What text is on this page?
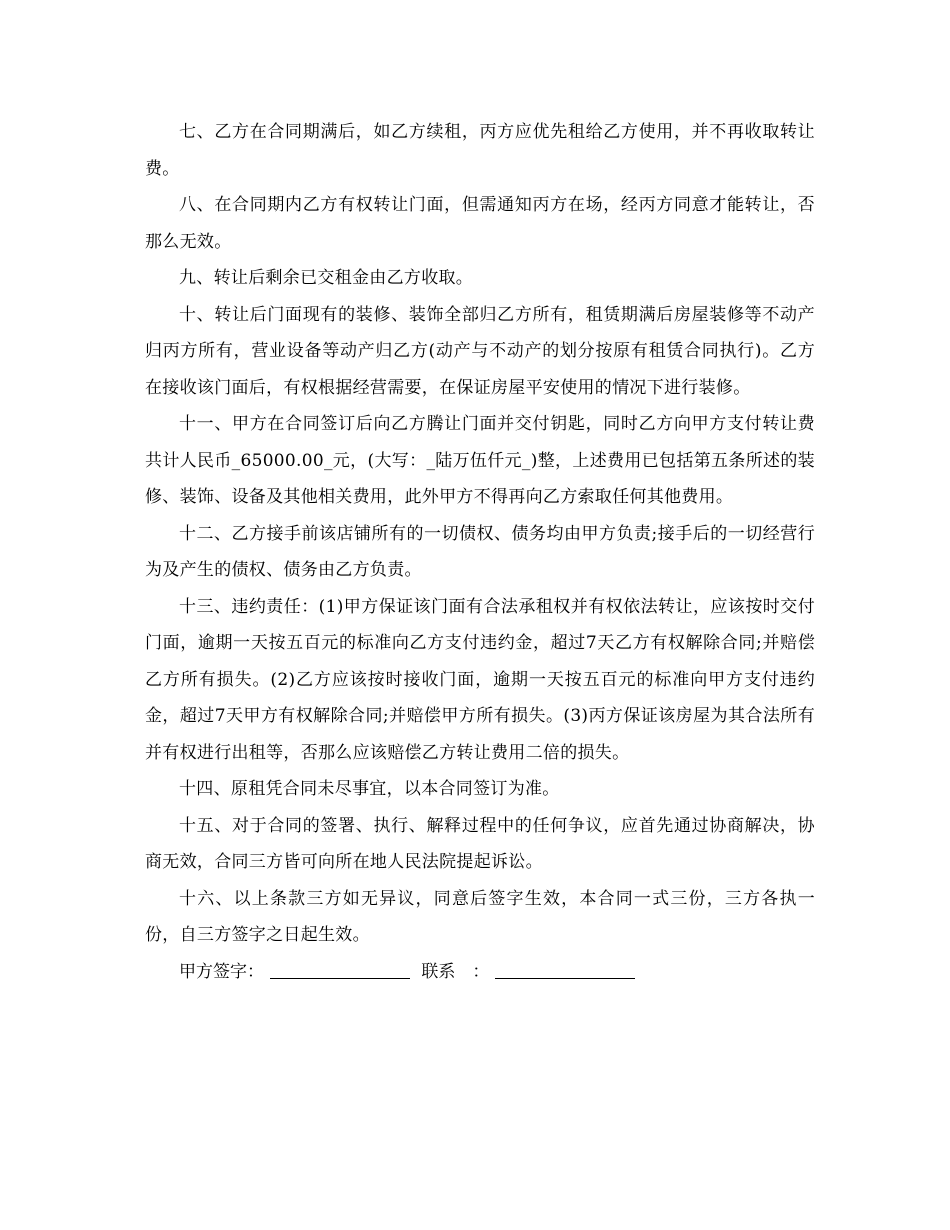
七、乙方在合同期满后，如乙方续租，丙方应优先租给乙方使用，并不再收取转让费。

八、在合同期内乙方有权转让门面，但需通知丙方在场，经丙方同意才能转让，否那么无效。

九、转让后剩余已交租金由乙方收取。

十、转让后门面现有的装修、装饰全部归乙方所有，租赁期满后房屋装修等不动产归丙方所有，营业设备等动产归乙方(动产与不动产的划分按原有租赁合同执行)。乙方在接收该门面后，有权根据经营需要，在保证房屋平安使用的情况下进行装修。

十一、甲方在合同签订后向乙方腾让门面并交付钥匙，同时乙方向甲方支付转让费共计人民币_65000.00_元，(大写：_陆万伍仟元_)整，上述费用已包括第五条所述的装修、装饰、设备及其他相关费用，此外甲方不得再向乙方索取任何其他费用。

十二、乙方接手前该店铺所有的一切债权、债务均由甲方负责;接手后的一切经营行为及产生的债权、债务由乙方负责。

十三、违约责任：(1)甲方保证该门面有合法承租权并有权依法转让，应该按时交付门面，逾期一天按五百元的标准向乙方支付违约金，超过7天乙方有权解除合同;并赔偿乙方所有损失。(2)乙方应该按时接收门面，逾期一天按五百元的标准向甲方支付违约金，超过7天甲方有权解除合同;并赔偿甲方所有损失。(3)丙方保证该房屋为其合法所有并有权进行出租等，否那么应该赔偿乙方转让费用二倍的损失。

十四、原租凭合同未尽事宜，以本合同签订为准。

十五、对于合同的签署、执行、解释过程中的任何争议，应首先通过协商解决，协商无效，合同三方皆可向所在地人民法院提起诉讼。

十六、以上条款三方如无异议，同意后签字生效，本合同一式三份，三方各执一份，自三方签字之日起生效。

甲方签字：	联系　：
